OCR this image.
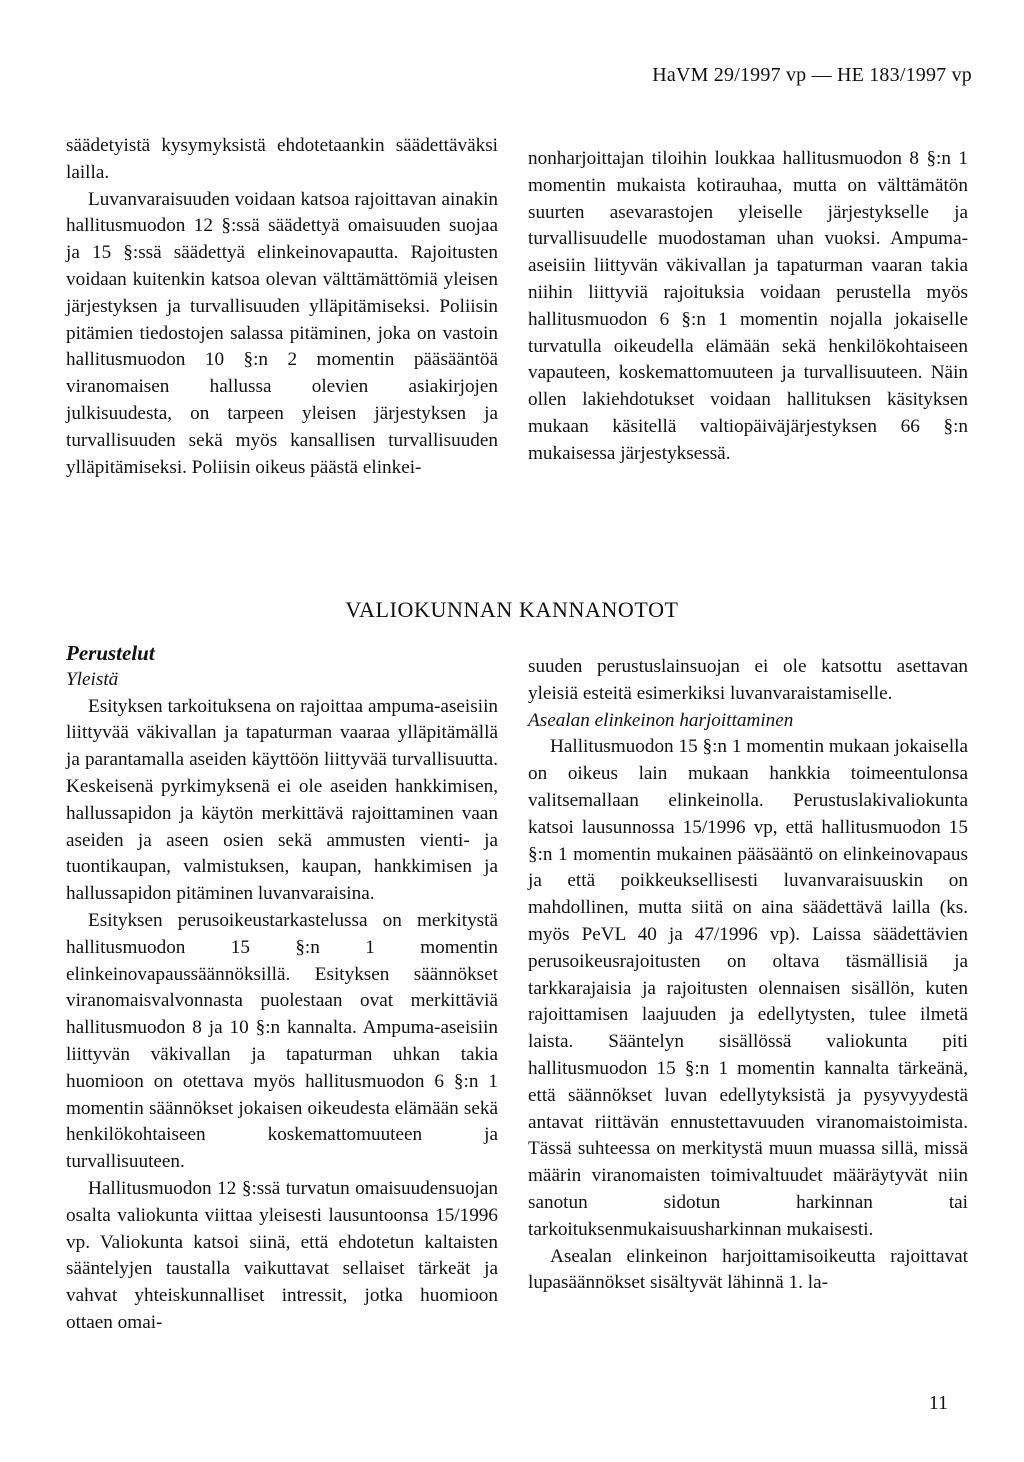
HaVM 29/1997 vp — HE 183/1997 vp

säädetyistä kysymyksistä ehdotetaankin säädettäväksi lailla.

Luvanvaraisuuden voidaan katsoa rajoittavan ainakin hallitusmuodon 12 §:ssä säädettyä omaisuuden suojaa ja 15 §:ssä säädettyä elinkeinovapautta. Rajoitusten voidaan kuitenkin katsoa olevan välttämättömiä yleisen järjestyksen ja turvallisuuden ylläpitämiseksi. Poliisin pitämien tiedostojen salassa pitäminen, joka on vastoin hallitusmuodon 10 §:n 2 momentin pääsääntöä viranomaisen hallussa olevien asiakirjojen julkisuudesta, on tarpeen yleisen järjestyksen ja turvallisuuden sekä myös kansallisen turvallisuuden ylläpitämiseksi. Poliisin oikeus päästä elinkei-

nonharjoittajan tiloihin loukkaa hallitusmuodon 8 §:n 1 momentin mukaista kotirauhaa, mutta on välttämätön suurten asevarastojen yleiselle järjestykselle ja turvallisuudelle muodostaman uhan vuoksi. Ampuma-aseisiin liittyvän väkivallan ja tapaturman vaaran takia niihin liittyviä rajoituksia voidaan perustella myös hallitusmuodon 6 §:n 1 momentin nojalla jokaiselle turvatulla oikeudella elämään sekä henkilökohtaiseen vapauteen, koskemattomuuteen ja turvallisuuteen. Näin ollen lakiehdotukset voidaan hallituksen käsityksen mukaan käsitellä valtiopäiväjärjestyksen 66 §:n mukaisessa järjestyksessä.

VALIOKUNNAN KANNANOTOT

Perustelut

Yleistä

Esityksen tarkoituksena on rajoittaa ampuma-aseisiin liittyvää väkivallan ja tapaturman vaaraa ylläpitämällä ja parantamalla aseiden käyttöön liittyvää turvallisuutta. Keskeisenä pyrkimyksenä ei ole aseiden hankkimisen, hallussapidon ja käytön merkittävä rajoittaminen vaan aseiden ja aseen osien sekä ammusten vienti- ja tuontikaupan, valmistuksen, kaupan, hankkimisen ja hallussapidon pitäminen luvanvaraisina.

Esityksen perusoikeustarkastelussa on merkitystä hallitusmuodon 15 §:n 1 momentin elinkeinovapaussäännöksillä. Esityksen säännökset viranomaisvalvonnasta puolestaan ovat merkittäviä hallitusmuodon 8 ja 10 §:n kannalta. Ampuma-aseisiin liittyvän väkivallan ja tapaturman uhkan takia huomioon on otettava myös hallitusmuodon 6 §:n 1 momentin säännökset jokaisen oikeudesta elämään sekä henkilökohtaiseen koskemattomuuteen ja turvallisuuteen.

Hallitusmuodon 12 §:ssä turvatun omaisuudensuojan osalta valiokunta viittaa yleisesti lausuntoonsa 15/1996 vp. Valiokunta katsoi siinä, että ehdotetun kaltaisten sääntelyjen taustalla vaikuttavat sellaiset tärkeät ja vahvat yhteiskunnalliset intressit, jotka huomioon ottaen omai-

suuden perustuslainsuojan ei ole katsottu asettavan yleisiä esteitä esimerkiksi luvanvaraistamiselle.

Asealan elinkeinon harjoittaminen

Hallitusmuodon 15 §:n 1 momentin mukaan jokaisella on oikeus lain mukaan hankkia toimeentulonsa valitsemallaan elinkeinolla. Perustuslakivaliokunta katsoi lausunnossa 15/1996 vp, että hallitusmuodon 15 §:n 1 momentin mukainen pääsääntö on elinkeinovapaus ja että poikkeuksellisesti luvanvaraisuuskin on mahdollinen, mutta siitä on aina säädettävä lailla (ks. myös PeVL 40 ja 47/1996 vp). Laissa säädettävien perusoikeusrajoitusten on oltava täsmällisiä ja tarkkarajaisia ja rajoitusten olennaisen sisällön, kuten rajoittamisen laajuuden ja edellytysten, tulee ilmetä laista. Sääntelyn sisällössä valiokunta piti hallitusmuodon 15 §:n 1 momentin kannalta tärkeänä, että säännökset luvan edellytyksistä ja pysyvyydestä antavat riittävän ennustettavuuden viranomaistoimista. Tässä suhteessa on merkitystä muun muassa sillä, missä määrin viranomaisten toimivaltuudet määräytyvät niin sanotun sidotun harkinnan tai tarkoituksenmukaisuusharkinnan mukaisesti.

Asealan elinkeinon harjoittamisoikeutta rajoittavat lupasäännökset sisältyvät lähinnä 1. la-

11
